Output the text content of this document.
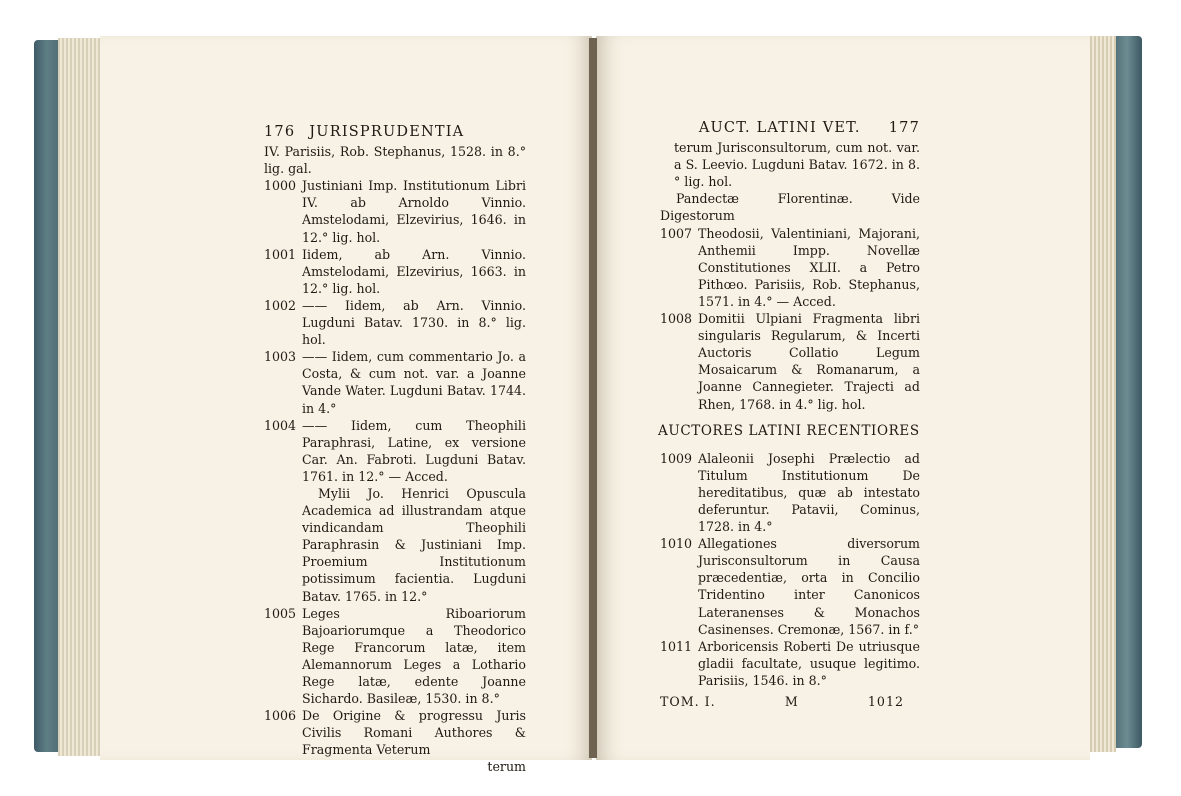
176 JURISPRUDENTIA
IV. Parisiis, Rob. Stephanus, 1528. in 8.° lig. gal.
1000 Justiniani Imp. Institutionum Libri IV. ab Arnoldo Vinnio. Amstelodami, Elzevirius, 1646. in 12.° lig. hol.
1001 Iidem, ab Arn. Vinnio. Amstelodami, Elzevirius, 1663. in 12.° lig. hol.
1002 —— Iidem, ab Arn. Vinnio. Lugduni Batav. 1730. in 8.° lig. hol.
1003 —— Iidem, cum commentario Jo. a Costa, & cum not. var. a Joanne Vande Water. Lugduni Batav. 1744. in 4.°
1004 —— Iidem, cum Theophili Paraphrasi, Latine, ex versione Car. An. Fabroti. Lugduni Batav. 1761. in 12.° — Acced.
Mylii Jo. Henrici Opuscula Academica ad illustrandam atque vindicandam Theophili Paraphrasin & Justiniani Imp. Proemium Institutionum potissimum facientia. Lugduni Batav. 1765. in 12.°
1005 Leges Riboariorum Bajoariorumque a Theodorico Rege Francorum latæ, item Alemannorum Leges a Lothario Rege latæ, edente Joanne Sichardo. Basileæ, 1530. in 8.°
1006 De Origine & progressu Juris Civilis Romani Authores & Fragmenta Veterum
terum
AUCT. LATINI VET. 177
terum Jurisconsultorum, cum not. var. a S. Leevio. Lugduni Batav. 1672. in 8.° lig. hol.
Pandectæ Florentinæ. Vide Digestorum
1007 Theodosii, Valentiniani, Majorani, Anthemii Impp. Novellæ Constitutiones XLII. a Petro Pithœo. Parisiis, Rob. Stephanus, 1571. in 4.° — Acced.
1008 Domitii Ulpiani Fragmenta libri singularis Regularum, & Incerti Auctoris Collatio Legum Mosaicarum & Romanarum, a Joanne Cannegieter. Trajecti ad Rhen, 1768. in 4.° lig. hol.
AUCTORES LATINI RECENTIORES
1009 Alaleonii Josephi Prælectio ad Titulum Institutionum De hereditatibus, quæ ab intestato deferuntur. Patavii, Cominus, 1728. in 4.°
1010 Allegationes diversorum Jurisconsultorum in Causa præcedentiæ, orta in Concilio Tridentino inter Canonicos Lateranenses & Monachos Casinenses. Cremonæ, 1567. in f.°
1011 Arboricensis Roberti De utriusque gladii facultate, usuque legitimo. Parisiis, 1546. in 8.°
TOM. I.	M	1012
